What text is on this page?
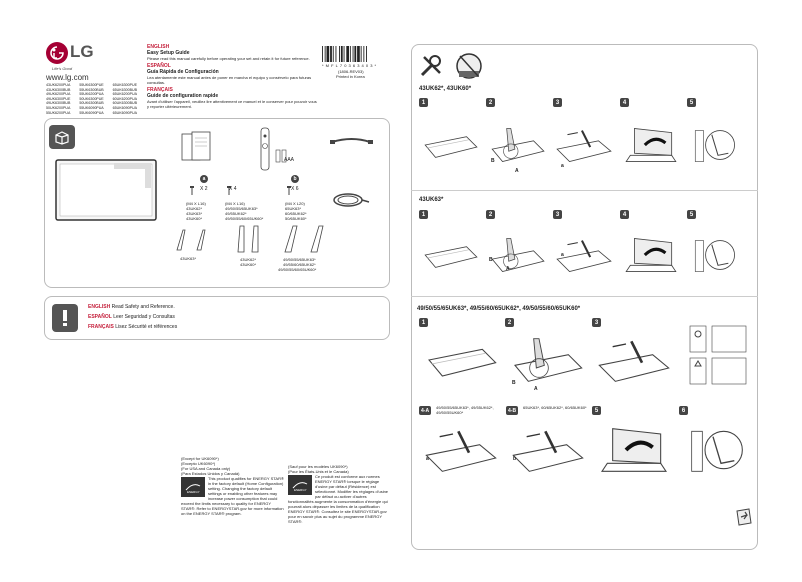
LG
Life's Good
www.lg.com
43UK6200PUA	55UK6300PUE	65UK6300PUE
43UK6300BUB	55UK6300BUB	65UK6300BUB
49UK6200PUA	55UK6200PUA	65UK6200PUA
49UK6300PUE	50UK6300PUE	60UK6200PUA
49UK6300BUB	50UK6300BUB	60UK6300BUB
50UK6200PUA	55UK6090PUA	65UK6090PUA
55UK6200PUA	55UK6090PUA	65UK6090PUA
ENGLISH
Easy Setup Guide
Please read this manual carefully before operating your set and retain it for future reference.
ESPAÑOL
Guía Rápida de Configuración
Lea atentamente este manual antes de poner en marcha el equipo y consérvelo para futuras consultas.
FRANÇAIS
Guide de configuration rapide
Avant d'utiliser l'appareil, veuillez lire attentivement ce manuel et le conserver pour pouvoir vous y reporter ultérieurement.
* M F L 7 0 3 6 3 4 0 3 *
(1806-REV03)
Printed in Korea
AAA
a
X 2
(M4 X L16)
43UK62*
43UK63*
43UK60*
X 4
(M4 X L16)
49/50/55/65UK63*
49/55UK62*
49/50/55/60/65UK60*
b
X 6
(M4 X L20)
65UK63*
60/65UK62*
50/65UK60*
43UK63*	43UK62*
43UK60*
49/50/55/65UK63*
49/55/60/65UK62*
49/50/55/60/65UK60*
ENGLISH Read Safety and Reference.
ESPAÑOL Leer Seguridad y Consultas
FRANÇAIS Lisez Sécurité et références
(Except for UK6090*)
(Excepto UK6090*)
(For USA and Canada only)
(Para Estados Unidos y Canadá)
ENERGY
This product qualifies for ENERGY STAR® in the factory default (Home Configuration) setting. Changing the factory default settings or enabling other features may increase power consumption that could exceed the limits necessary to quality for ENERGY STAR®. Refer to ENERGYSTAR.gov for more information on the ENERGY STAR® program.
(Sauf pour les modèles UK6090*)
(Pour les États-Unis et le Canada)
ENERGY
Ce produit est conforme aux normes ENERGY STAR® lorsque le réglage d'usine par défaut (Résidence) est sélectionné. Modifier les réglages d'usine par défaut ou activer d'autres fonctionnalités augmente la consommation d'énergie qui pourrait alors dépasser les limites de la qualification ENERGY STAR®. Consultez le site ENERGYSTAR.gov pour en savoir plus au sujet du programme ENERGY STAR®.
43UK62*, 43UK60*
43UK63*
49/50/55/65UK63*, 49/55/60/65UK62*, 49/50/55/60/65UK60*
1	2	3	4	5
B
A
a
1	2	3	4	5
B
A
a
1	2	3
B
A
4-A	49/50/55/65UK63*, 49/55UK62*, 49/50/55UK60*	4-B	65UK63*, 60/65UK62*, 60/65UK60*	5	6
a	b
